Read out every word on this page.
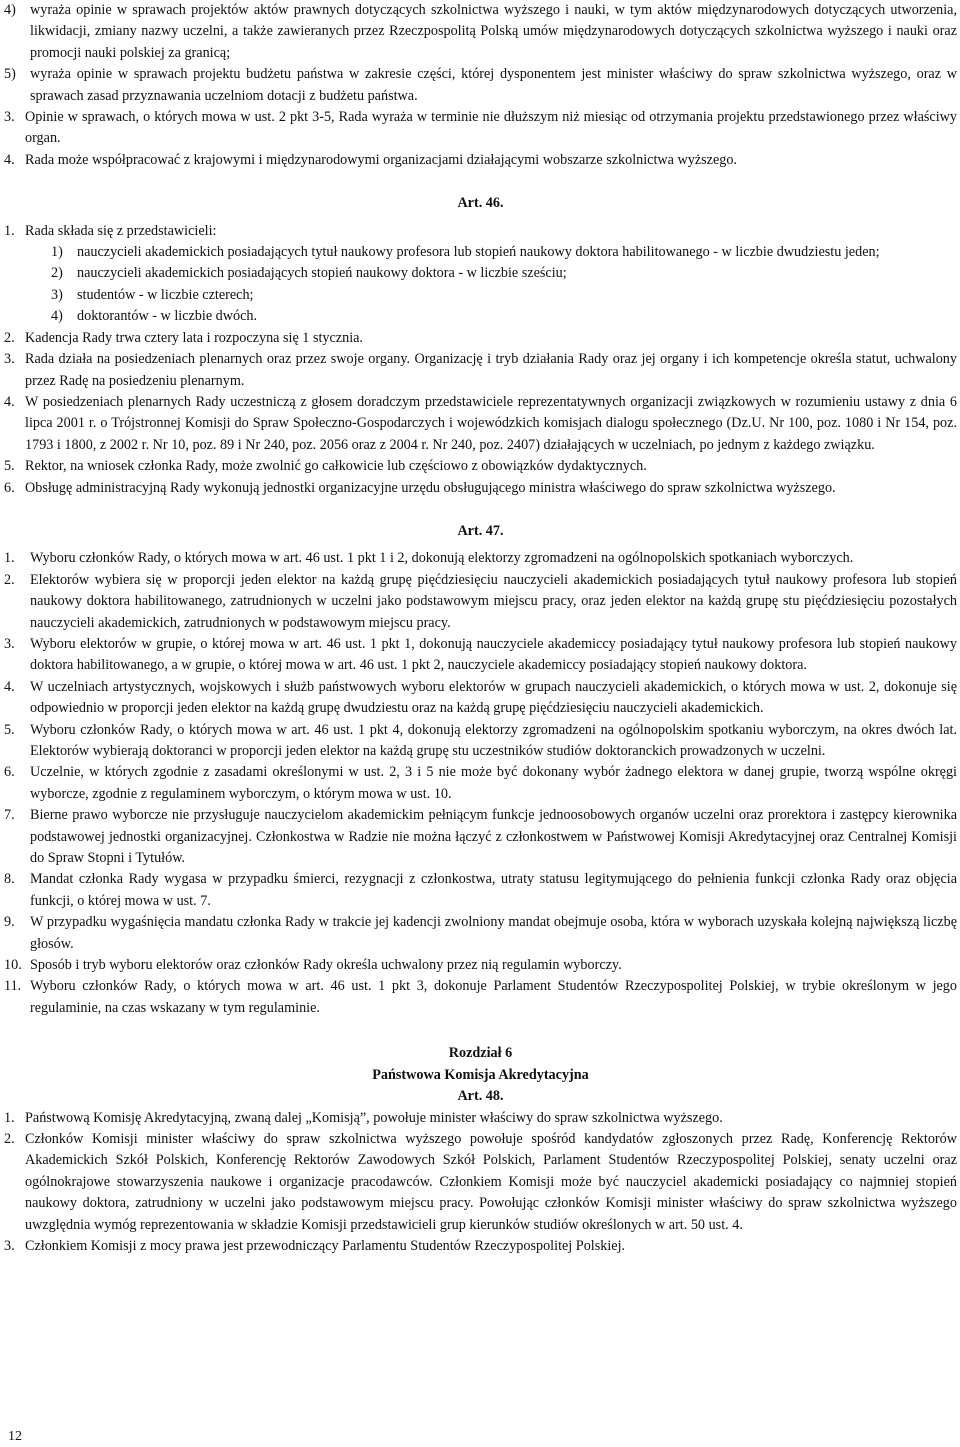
4) wyraża opinie w sprawach projektów aktów prawnych dotyczących szkolnictwa wyższego i nauki, w tym aktów międzynarodowych dotyczących utworzenia, likwidacji, zmiany nazwy uczelni, a także zawieranych przez Rzeczpospolitą Polską umów międzynarodowych dotyczących szkolnictwa wyższego i nauki oraz promocji nauki polskiej za granicą;

5) wyraża opinie w sprawach projektu budżetu państwa w zakresie części, której dysponentem jest minister właściwy do spraw szkolnictwa wyższego, oraz w sprawach zasad przyznawania uczelniom dotacji z budżetu państwa.

3. Opinie w sprawach, o których mowa w ust. 2 pkt 3-5, Rada wyraża w terminie nie dłuższym niż miesiąc od otrzymania projektu przedstawionego przez właściwy organ.

4. Rada może współpracować z krajowymi i międzynarodowymi organizacjami działającymi wobszarze szkolnictwa wyższego.

Art. 46.

1. Rada składa się z przedstawicieli:

1) nauczycieli akademickich posiadających tytuł naukowy profesora lub stopień naukowy doktora habilitowanego - w liczbie dwudziestu jeden;

2) nauczycieli akademickich posiadających stopień naukowy doktora - w liczbie sześciu;

3) studentów - w liczbie czterech;

4) doktorantów - w liczbie dwóch.

2. Kadencja Rady trwa cztery lata i rozpoczyna się 1 stycznia.

3. Rada działa na posiedzeniach plenarnych oraz przez swoje organy. Organizację i tryb działania Rady oraz jej organy i ich kompetencje określa statut, uchwalony przez Radę na posiedzeniu plenarnym.

4. W posiedzeniach plenarnych Rady uczestniczą z głosem doradczym przedstawiciele reprezentatywnych organizacji związkowych w rozumieniu ustawy z dnia 6 lipca 2001 r. o Trójstronnej Komisji do Spraw Społeczno-Gospodarczych i wojewódzkich komisjach dialogu społecznego (Dz.U. Nr 100, poz. 1080 i Nr 154, poz. 1793 i 1800, z 2002 r. Nr 10, poz. 89 i Nr 240, poz. 2056 oraz z 2004 r. Nr 240, poz. 2407) działających w uczelniach, po jednym z każdego związku.

5. Rektor, na wniosek członka Rady, może zwolnić go całkowicie lub częściowo z obowiązków dydaktycznych.

6. Obsługę administracyjną Rady wykonują jednostki organizacyjne urzędu obsługującego ministra właściwego do spraw szkolnictwa wyższego.

Art. 47.

1. Wyboru członków Rady, o których mowa w art. 46 ust. 1 pkt 1 i 2, dokonują elektorzy zgromadzeni na ogólnopolskich spotkaniach wyborczych.

2. Elektorów wybiera się w proporcji jeden elektor na każdą grupę pięćdziesięciu nauczycieli akademickich posiadających tytuł naukowy profesora lub stopień naukowy doktora habilitowanego, zatrudnionych w uczelni jako podstawowym miejscu pracy, oraz jeden elektor na każdą grupę stu pięćdziesięciu pozostałych nauczycieli akademickich, zatrudnionych w podstawowym miejscu pracy.

3. Wyboru elektorów w grupie, o której mowa w art. 46 ust. 1 pkt 1, dokonują nauczyciele akademiccy posiadający tytuł naukowy profesora lub stopień naukowy doktora habilitowanego, a w grupie, o której mowa w art. 46 ust. 1 pkt 2, nauczyciele akademiccy posiadający stopień naukowy doktora.

4. W uczelniach artystycznych, wojskowych i służb państwowych wyboru elektorów w grupach nauczycieli akademickich, o których mowa w ust. 2, dokonuje się odpowiednio w proporcji jeden elektor na każdą grupę dwudziestu oraz na każdą grupę pięćdziesięciu nauczycieli akademickich.

5. Wyboru członków Rady, o których mowa w art. 46 ust. 1 pkt 4, dokonują elektorzy zgromadzeni na ogólnopolskim spotkaniu wyborczym, na okres dwóch lat. Elektorów wybierają doktoranci w proporcji jeden elektor na każdą grupę stu uczestników studiów doktoranckich prowadzonych w uczelni.

6. Uczelnie, w których zgodnie z zasadami określonymi w ust. 2, 3 i 5 nie może być dokonany wybór żadnego elektora w danej grupie, tworzą wspólne okręgi wyborcze, zgodnie z regulaminem wyborczym, o którym mowa w ust. 10.

7. Bierne prawo wyborcze nie przysługuje nauczycielom akademickim pełniącym funkcje jednoosobowych organów uczelni oraz prorektora i zastępcy kierownika podstawowej jednostki organizacyjnej. Członkostwa w Radzie nie można łączyć z członkostwem w Państwowej Komisji Akredytacyjnej oraz Centralnej Komisji do Spraw Stopni i Tytułów.

8. Mandat członka Rady wygasa w przypadku śmierci, rezygnacji z członkostwa, utraty statusu legitymującego do pełnienia funkcji członka Rady oraz objęcia funkcji, o której mowa w ust. 7.

9. W przypadku wygaśnięcia mandatu członka Rady w trakcie jej kadencji zwolniony mandat obejmuje osoba, która w wyborach uzyskała kolejną największą liczbę głosów.

10. Sposób i tryb wyboru elektorów oraz członków Rady określa uchwalony przez nią regulamin wyborczy.

11. Wyboru członków Rady, o których mowa w art. 46 ust. 1 pkt 3, dokonuje Parlament Studentów Rzeczypospolitej Polskiej, w trybie określonym w jego regulaminie, na czas wskazany w tym regulaminie.

Rozdział 6

Państwowa Komisja Akredytacyjna

Art. 48.

1. Państwową Komisję Akredytacyjną, zwaną dalej „Komisją”, powołuje minister właściwy do spraw szkolnictwa wyższego.

2. Członków Komisji minister właściwy do spraw szkolnictwa wyższego powołuje spośród kandydatów zgłoszonych przez Radę, Konferencję Rektorów Akademickich Szkół Polskich, Konferencję Rektorów Zawodowych Szkół Polskich, Parlament Studentów Rzeczypospolitej Polskiej, senaty uczelni oraz ogólnokrajowe stowarzyszenia naukowe i organizacje pracodawców. Członkiem Komisji może być nauczyciel akademicki posiadający co najmniej stopień naukowy doktora, zatrudniony w uczelni jako podstawowym miejscu pracy. Powołując członków Komisji minister właściwy do spraw szkolnictwa wyższego uwzględnia wymóg reprezentowania w składzie Komisji przedstawicieli grup kierunków studiów określonych w art. 50 ust. 4.

3. Członkiem Komisji z mocy prawa jest przewodniczący Parlamentu Studentów Rzeczypospolitej Polskiej.

12
